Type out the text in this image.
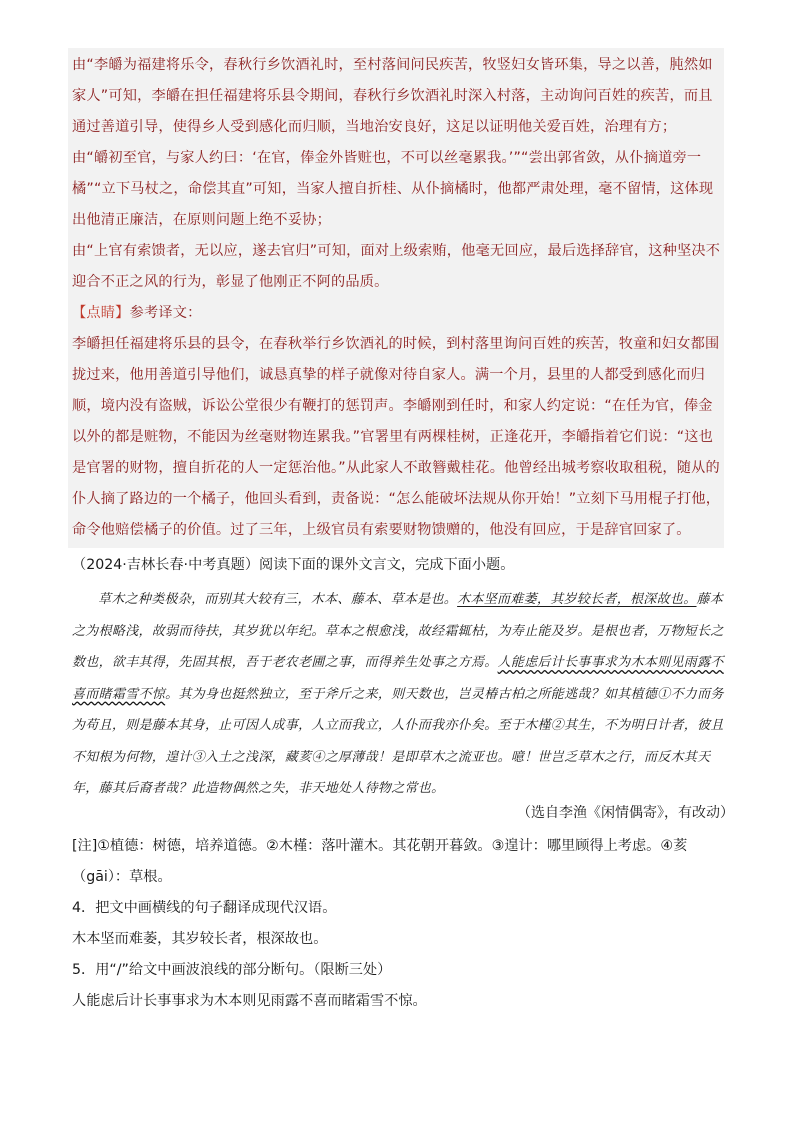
由“李皭为福建将乐令，春秋行乡饮酒礼时，至村落间问民疾苦，牧竖妇女皆环集，导之以善，肫然如家人”可知，李皭在担任福建将乐县令期间，春秋行乡饮酒礼时深入村落，主动询问百姓的疾苦，而且通过善道引导，使得乡人受到感化而归顺，当地治安良好，这足以证明他关爱百姓，治理有方；

由“皭初至官，与家人约曰：‘在官，俸金外皆赃也，不可以丝毫累我。’”“尝出郭省敛，从仆摘道旁一橘”“立下马杖之，命偿其直”可知，当家人擅自折桂、从仆摘橘时，他都严肃处理，毫不留情，这体现出他清正廉洁，在原则问题上绝不妥协；

由“上官有索馈者，无以应，遂去官归”可知，面对上级索贿，他毫无回应，最后选择辞官，这种坚决不迎合不正之风的行为，彰显了他刚正不阿的品质。

【点睛】参考译文：

李皭担任福建将乐县的县令，在春秋举行乡饮酒礼的时候，到村落里询问百姓的疾苦，牧童和妇女都围拢过来，他用善道引导他们，诚恳真挚的样子就像对待自家人。满一个月，县里的人都受到感化而归顺，境内没有盗贼，诉讼公堂很少有鞭打的惩罚声。李皭刚到任时，和家人约定说：“在任为官，俸金以外的都是赃物，不能因为丝毫财物连累我。”官署里有两棵桂树，正逢花开，李皭指着它们说：“这也是官署的财物，擅自折花的人一定惩治他。”从此家人不敢簪戴桂花。他曾经出城考察收取租税，随从的仆人摘了路边的一个橘子，他回头看到，责备说：“怎么能破坏法规从你开始！”立刻下马用棍子打他，命令他赔偿橘子的价值。过了三年，上级官员有索要财物馈赠的，他没有回应，于是辞官回家了。

（2024·吉林长春·中考真题）阅读下面的课外文言文，完成下面小题。

草木之种类极杂，而别其大较有三，木本、藤本、草本是也。木本坚而难萎，其岁较长者，根深故也。藤本之为根略浅，故弱而待扶，其岁犹以年纪。草本之根愈浅，故经霜辄枯，为寿止能及岁。是根也者，万物短长之数也，欲丰其得，先固其根，吾于老农老圃之事，而得养生处事之方焉。人能虑后计长事事求为木本则见雨露不喜而睹霜雪不惊。其为身也挺然独立，至于斧斤之来，则天数也，岂灵椿古柏之所能逃哉？如其植德①不力而务为苟且，则是藤本其身，止可因人成事，人立而我立，人仆而我亦仆矣。至于木槿②其生，不为明日计者，彼且不知根为何物，遑计③入土之浅深，藏荄④之厚薄哉！是即草木之流亚也。噫！世岂乏草木之行，而反木其天年，藤其后裔者哉？此造物偶然之失，非天地处人待物之常也。

（选自李渔《闲情偶寄》，有改动）

[注]①植德：树德，培养道德。②木槿：落叶灌木。其花朝开暮敛。③遑计：哪里顾得上考虑。④荄（gāi）：草根。

4．把文中画横线的句子翻译成现代汉语。

木本坚而难萎，其岁较长者，根深故也。

5．用“/”给文中画波浪线的部分断句。（限断三处）

人能虑后计长事事求为木本则见雨露不喜而睹霜雪不惊。
